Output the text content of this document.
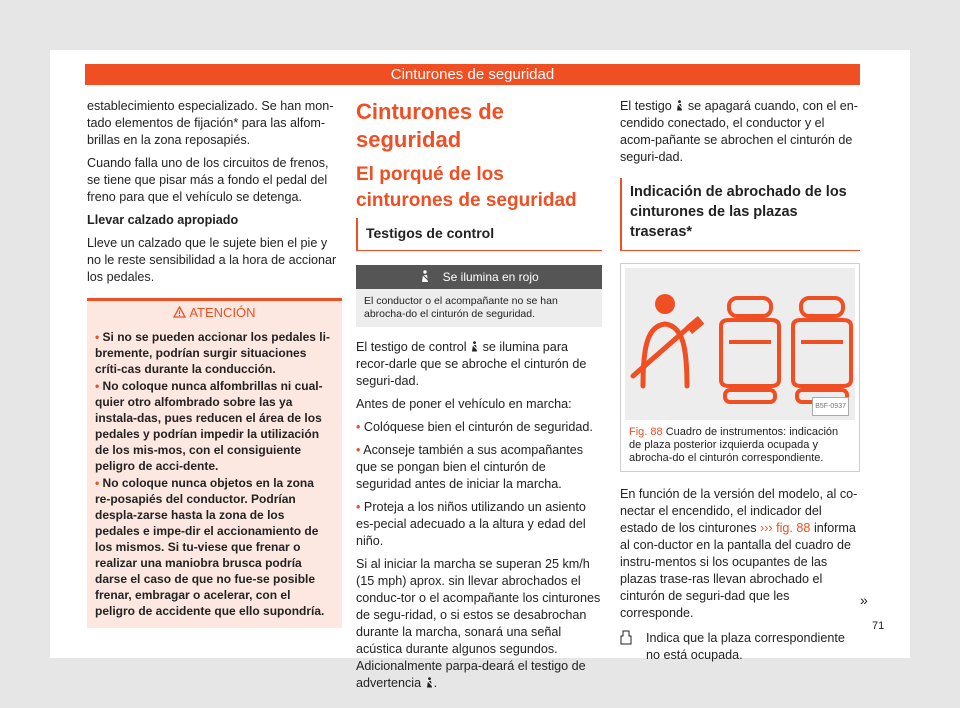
Cinturones de seguridad

establecimiento especializado. Se han mon-tado elementos de fijación* para las alfom-brillas en la zona reposapiés.

Cuando falla uno de los circuitos de frenos, se tiene que pisar más a fondo el pedal del freno para que el vehículo se detenga.

Llevar calzado apropiado

Lleve un calzado que le sujete bien el pie y no le reste sensibilidad a la hora de accionar los pedales.

ATENCIÓN
• Si no se pueden accionar los pedales li-bremente, podrían surgir situaciones críti-cas durante la conducción.
• No coloque nunca alfombrillas ni cual-quier otro alfombrado sobre las ya instala-das, pues reducen el área de los pedales y podrían impedir la utilización de los mis-mos, con el consiguiente peligro de acci-dente.
• No coloque nunca objetos en la zona re-posapiés del conductor. Podrían despla-zarse hasta la zona de los pedales e impe-dir el accionamiento de los mismos. Si tu-viese que frenar o realizar una maniobra brusca podría darse el caso de que no fue-se posible frenar, embragar o acelerar, con el peligro de accidente que ello supondría.
Cinturones de seguridad
El porqué de los cinturones de seguridad
Testigos de control
Se ilumina en rojo
El conductor o el acompañante no se han abrocha-do el cinturón de seguridad.

El testigo de control se ilumina para recor-darle que se abroche el cinturón de seguri-dad.

Antes de poner el vehículo en marcha:

• Colóquese bien el cinturón de seguridad.

• Aconseje también a sus acompañantes que se pongan bien el cinturón de seguridad antes de iniciar la marcha.

• Proteja a los niños utilizando un asiento es-pecial adecuado a la altura y edad del niño.

Si al iniciar la marcha se superan 25 km/h (15 mph) aprox. sin llevar abrochados el conduc-tor o el acompañante los cinturones de segu-ridad, o si estos se desabrochan durante la marcha, sonará una señal acústica durante algunos segundos. Adicionalmente parpa-deará el testigo de advertencia .

El testigo se apagará cuando, con el en-cendido conectado, el conductor y el acom-pañante se abrochen el cinturón de seguri-dad.

Indicación de abrochado de los cinturones de las plazas traseras*
B5F-0937
Fig. 88 Cuadro de instrumentos: indicación de plaza posterior izquierda ocupada y abrocha-do el cinturón correspondiente.

En función de la versión del modelo, al co-nectar el encendido, el indicador del estado de los cinturones ››› fig. 88 informa al con-ductor en la pantalla del cuadro de instru-mentos si los ocupantes de las plazas trase-ras llevan abrochado el cinturón de seguri-dad que les corresponde.

Indica que la plaza correspondiente no está ocupada.
»
71
